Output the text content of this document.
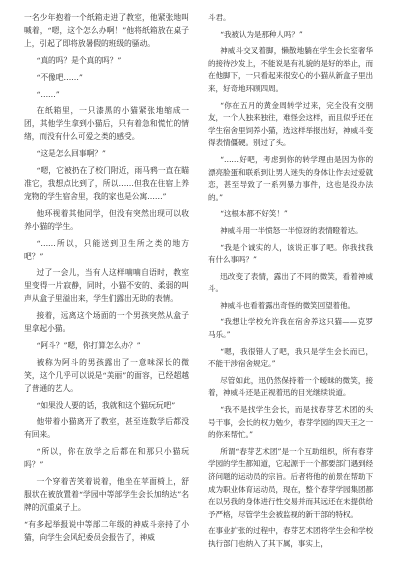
一名少年抱着一个纸箱走进了教室，他紧张地叫喊着，“嗯，这个怎么办啊！”他将纸箱放在桌子上，引起了即将放暑假的班级的骚动。

“真的吗？是个真的吗？”

“不像吧……”

“……”

在纸箱里，一只漆黑的小猫紧张地缩成一团，其他学生拿到小猫后，只有着急和慌忙的情绪，而没有什么可爱之类的感受。

“这是怎么回事啊？”

“嗯，它被扔在了校门附近，雨马鸦一直在瞄准它，我想点比到了，所以……但我在住宿上养宠物的学生宿舍里，我的家也是公寓……”

他环视着其他同学，但没有突然出现可以收养小猫的学生。

“……所以，只能送到卫生所之类的地方吧？”

过了一会儿，当有人这样喃喃自语时，教室里变得一片寂静，同时，小猫不安的、柔弱的叫声从盒子里溢出来，学生们露出无助的表情。

接着，远离这个场面的一个男孩突然从盒子里拿起小猫。

“阿斗？”嗯，你打算怎么办？”

被称为阿斗的男孩露出了一意味深长的微笑，这个几乎可以说是“美丽”的面容，已经超越了普通的艺人。

“如果没人要的话，我就和这个猫玩玩吧”

他带着小猫离开了教室，甚至连数学后都没有回来。

“所以，你在放学之后都在和那只小猫玩吗？”

一个穿着苦笑着说着，他坐在苹面椅上，舒服状在被放置着“学园中等部学生会长加纳达”名牌的沉重桌子上。

“有多起举报说中等部二年级的神威斗亲持了小猫，向学生会风纪委员会报告了，神威

斗君。

“我被认为是那种人吗？”

神威斗交叉着脚，懒散地躺在学生会长室奢华的接待沙发上，不能说是有礼貌的是好的举止，而在他脚下，一只看起来很安心的小猫从新盒子里出来，好奇地环顾四周。

“你在五月的黄金周转学过来，完全没有交朋友，一个人独来独往，难怪会这样，而且似乎还在学生宿舍里饲养小猫，选这样举报出好，神威斗变得表情僵硬。别过了头。

“……好吧，考虑到你的转学理由是因为你的漂亮脸蛋和联系到让男人迷失的身体让作去过爱就恋，甚至导致了一系列暴力事件，这也是没办法的。”

“这根本都不好笑！”

神威斗用一半愤怒一半惊讶的表情瞪着达。

“我是个诚实的人，该说正事了吧。你我找我有什么事吗？”

迅改变了表情，露出了不同的微笑，看着神威斗。

神威斗也看着露出奇怪的微笑回望着他。

“我想让学校允许我在宿舍养这只猫——克罗马乐。”

“嗯，我很错人了吧，我只是学生会长而已，不能干涉宿舍规定。”

尽管如此，迅仍然保持着一个暧昧的微笑，接着，神威斗还是正视着迅的目光继续说道。

“我不是找学生会长，而是找春芽艺术团的头号干事，会长的权力勉少，春芽学园的四天王之一的你来帮忙。”

所谓“春芽艺术团”是一个互助组织，所有春芽学园的学生都知道，它起源于一个都要部门遇到经济问题的运动员的宗旨。后者将他的前景在帮助下成为职业体育运动员，现在，整个春芽学园集团都在以另我的身体进行性交易并而其远还在未提供给予严格，尽管学生会被监视的新干部的特权。

在事业扩张的过程中，春芽艺术团将学生会和学校执行部门也纳入了其下属，事实上，
